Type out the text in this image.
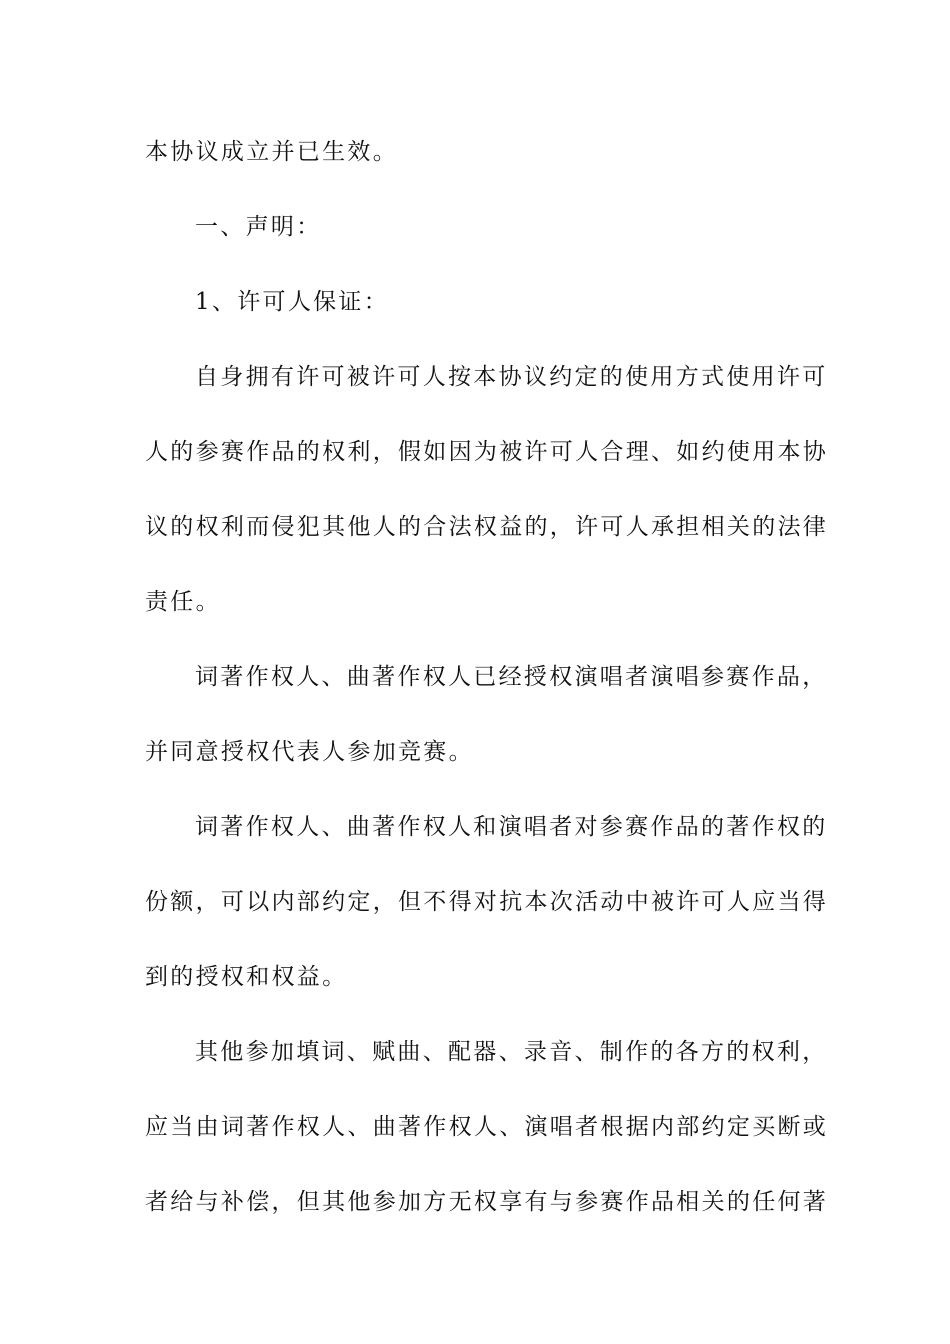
本协议成立并已生效。
一、声明：
1、许可人保证：
自身拥有许可被许可人按本协议约定的使用方式使用许可
人的参赛作品的权利，假如因为被许可人合理、如约使用本协
议的权利而侵犯其他人的合法权益的，许可人承担相关的法律
责任。
词著作权人、曲著作权人已经授权演唱者演唱参赛作品，
并同意授权代表人参加竞赛。
词著作权人、曲著作权人和演唱者对参赛作品的著作权的
份额，可以内部约定，但不得对抗本次活动中被许可人应当得
到的授权和权益。
其他参加填词、赋曲、配器、录音、制作的各方的权利，
应当由词著作权人、曲著作权人、演唱者根据内部约定买断或
者给与补偿，但其他参加方无权享有与参赛作品相关的任何著
